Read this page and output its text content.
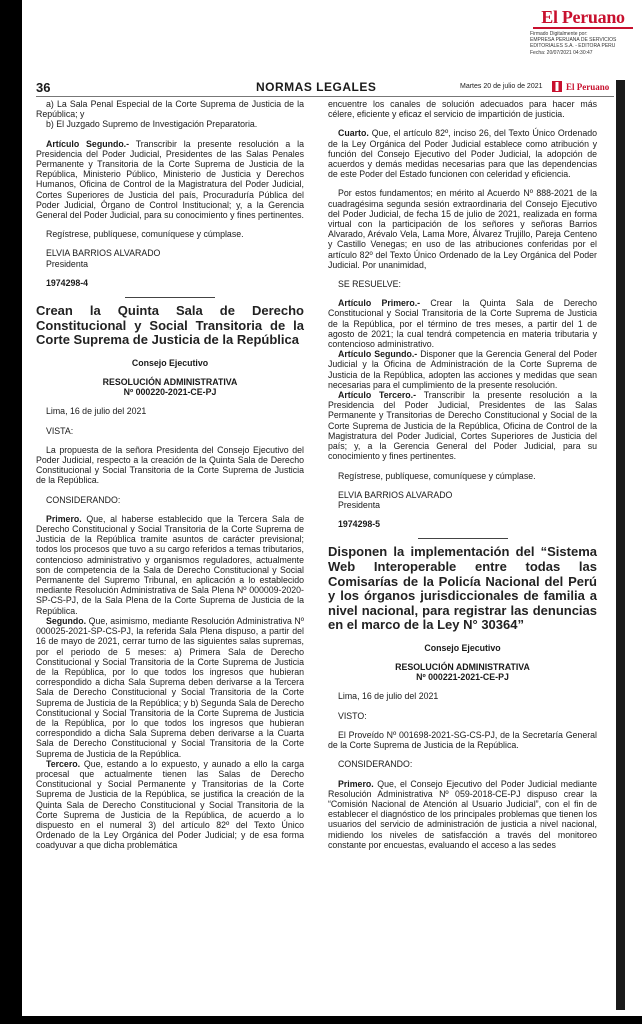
El Peruano
Firmado Digitalmente por:
EMPRESA PERUANA DE SERVICIOS
EDITORIALES S.A. - EDITORA PERU
Fecha: 20/07/2021 04:30:47
36	NORMAS LEGALES	Martes 20 de julio de 2021	El Peruano

a) La Sala Penal Especial de la Corte Suprema de Justicia de la República; y

b) El Juzgado Supremo de Investigación Preparatoria.

Artículo Segundo.- Transcribir la presente resolución a la Presidencia del Poder Judicial, Presidentes de las Salas Penales Permanente y Transitoria de la Corte Suprema de Justicia de la República, Ministerio Público, Ministerio de Justicia y Derechos Humanos, Oficina de Control de la Magistratura del Poder Judicial, Cortes Superiores de Justicia del país, Procuraduría Pública del Poder Judicial, Órgano de Control Institucional; y, a la Gerencia General del Poder Judicial, para su conocimiento y fines pertinentes.

Regístrese, publíquese, comuníquese y cúmplase.

ELVIA BARRIOS ALVARADO

Presidenta

1974298-4

Crean la Quinta Sala de Derecho Constitucional y Social Transitoria de la Corte Suprema de Justicia de la República

Consejo Ejecutivo

RESOLUCIÓN ADMINISTRATIVA

Nº 000220-2021-CE-PJ

Lima, 16 de julio del 2021

VISTA:

La propuesta de la señora Presidenta del Consejo Ejecutivo del Poder Judicial, respecto a la creación de la Quinta Sala de Derecho Constitucional y Social Transitoria de la Corte Suprema de Justicia de la República.

CONSIDERANDO:

Primero. Que, al haberse establecido que la Tercera Sala de Derecho Constitucional y Social Transitoria de la Corte Suprema de Justicia de la República tramite asuntos de carácter previsional; todos los procesos que tuvo a su cargo referidos a temas tributarios, contencioso administrativo y organismos reguladores, actualmente son de competencia de la Sala de Derecho Constitucional y Social Permanente del Supremo Tribunal, en aplicación a lo establecido mediante Resolución Administrativa de Sala Plena Nº 000009-2020-SP-CS-PJ, de la Sala Plena de la Corte Suprema de Justicia de la República.

Segundo. Que, asimismo, mediante Resolución Administrativa Nº 000025-2021-SP-CS-PJ, la referida Sala Plena dispuso, a partir del 16 de mayo de 2021, cerrar turno de las siguientes salas supremas, por el periodo de 5 meses: a) Primera Sala de Derecho Constitucional y Social Transitoria de la Corte Suprema de Justicia de la República, por lo que todos los ingresos que hubieran correspondido a dicha Sala Suprema deben derivarse a la Tercera Sala de Derecho Constitucional y Social Transitoria de la Corte Suprema de Justicia de la República; y b) Segunda Sala de Derecho Constitucional y Social Transitoria de la Corte Suprema de Justicia de la República, por lo que todos los ingresos que hubieran correspondido a dicha Sala Suprema deben derivarse a la Cuarta Sala de Derecho Constitucional y Social Transitoria de la Corte Suprema de Justicia de la República.

Tercero. Que, estando a lo expuesto, y aunado a ello la carga procesal que actualmente tienen las Salas de Derecho Constitucional y Social Permanente y Transitorias de la Corte Suprema de Justicia de la República, se justifica la creación de la Quinta Sala de Derecho Constitucional y Social Transitoria de la Corte Suprema de Justicia de la República, de acuerdo a lo dispuesto en el numeral 3) del artículo 82º del Texto Único Ordenado de la Ley Orgánica del Poder Judicial; y de esa forma coadyuvar a que dicha problemática

encuentre los canales de solución adecuados para hacer más célere, eficiente y eficaz el servicio de impartición de justicia.

Cuarto. Que, el artículo 82º, inciso 26, del Texto Único Ordenado de la Ley Orgánica del Poder Judicial establece como atribución y función del Consejo Ejecutivo del Poder Judicial, la adopción de acuerdos y demás medidas necesarias para que las dependencias de este Poder del Estado funcionen con celeridad y eficiencia.

Por estos fundamentos; en mérito al Acuerdo Nº 888-2021 de la cuadragésima segunda sesión extraordinaria del Consejo Ejecutivo del Poder Judicial, de fecha 15 de julio de 2021, realizada en forma virtual con la participación de los señores y señoras Barrios Alvarado, Arévalo Vela, Lama More, Álvarez Trujillo, Pareja Centeno y Castillo Venegas; en uso de las atribuciones conferidas por el artículo 82º del Texto Único Ordenado de la Ley Orgánica del Poder Judicial. Por unanimidad,

SE RESUELVE:

Artículo Primero.- Crear la Quinta Sala de Derecho Constitucional y Social Transitoria de la Corte Suprema de Justicia de la República, por el término de tres meses, a partir del 1 de agosto de 2021; la cual tendrá competencia en materia tributaria y contencioso administrativo.

Artículo Segundo.- Disponer que la Gerencia General del Poder Judicial y la Oficina de Administración de la Corte Suprema de Justicia de la República, adopten las acciones y medidas que sean necesarias para el cumplimiento de la presente resolución.

Artículo Tercero.- Transcribir la presente resolución a la Presidencia del Poder Judicial, Presidentes de las Salas Permanente y Transitorias de Derecho Constitucional y Social de la Corte Suprema de Justicia de la República, Oficina de Control de la Magistratura del Poder Judicial, Cortes Superiores de Justicia del país; y, a la Gerencia General del Poder Judicial, para su conocimiento y fines pertinentes.

Regístrese, publíquese, comuníquese y cúmplase.

ELVIA BARRIOS ALVARADO

Presidenta

1974298-5

Disponen la implementación del “Sistema Web Interoperable entre todas las Comisarías de la Policía Nacional del Perú y los órganos jurisdiccionales de familia a nivel nacional, para registrar las denuncias en el marco de la Ley N° 30364”

Consejo Ejecutivo

RESOLUCIÓN ADMINISTRATIVA

Nº 000221-2021-CE-PJ

Lima, 16 de julio del 2021

VISTO:

El Proveído Nº 001698-2021-SG-CS-PJ, de la Secretaría General de la Corte Suprema de Justicia de la República.

CONSIDERANDO:

Primero. Que, el Consejo Ejecutivo del Poder Judicial mediante Resolución Administrativa Nº 059-2018-CE-PJ dispuso crear la “Comisión Nacional de Atención al Usuario Judicial”, con el fin de establecer el diagnóstico de los principales problemas que tienen los usuarios del servicio de administración de justicia a nivel nacional, midiendo los niveles de satisfacción a través del monitoreo constante por encuestas, evaluando el acceso a las sedes
